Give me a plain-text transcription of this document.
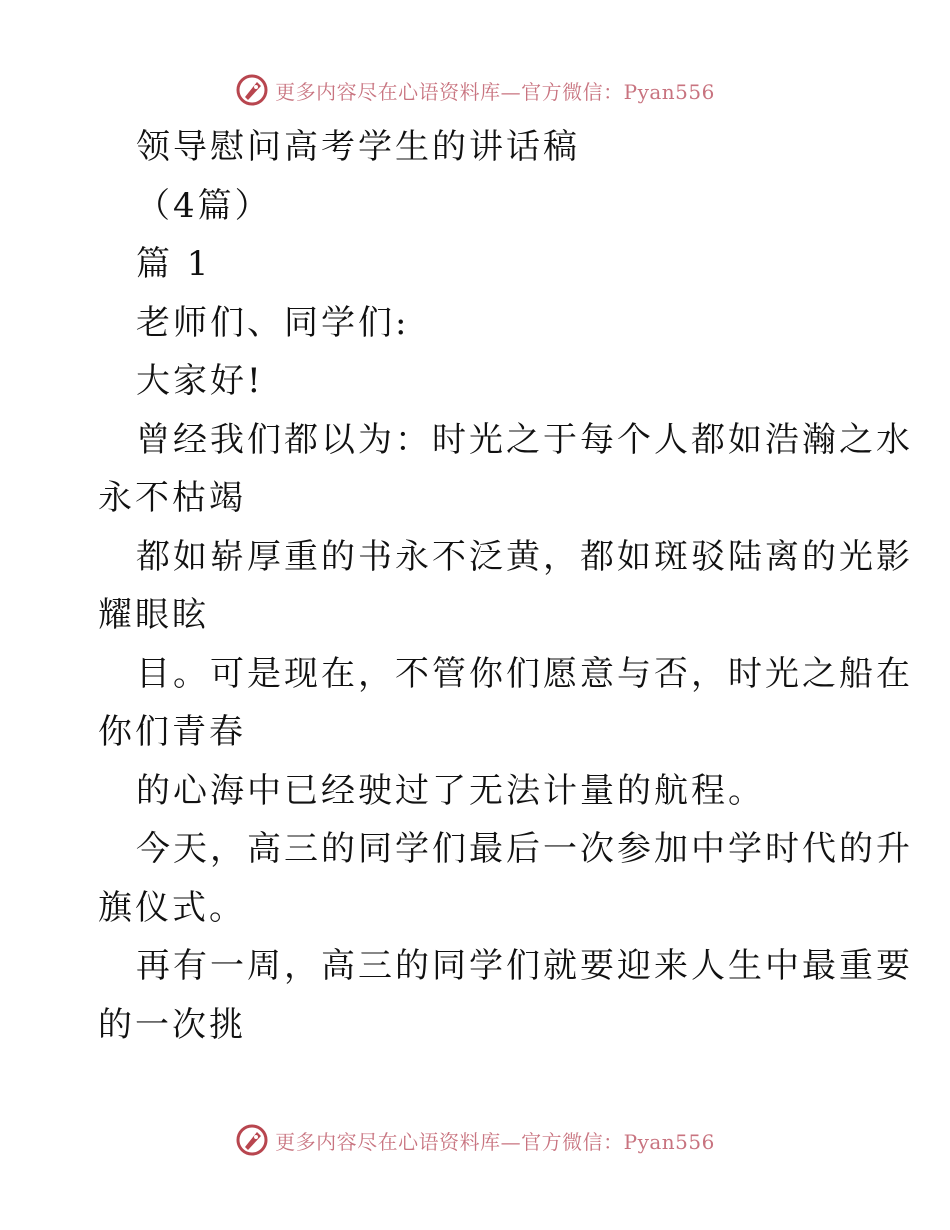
更多内容尽在心语资料库—官方微信：Pyan556
领导慰问高考学生的讲话稿
（4篇）
篇 1
老师们、同学们:
大家好!
曾经我们都以为：时光之于每个人都如浩瀚之水
永不枯竭
都如崭厚重的书永不泛黄，都如斑驳陆离的光影
耀眼眩
目。可是现在，不管你们愿意与否，时光之船在
你们青春
的心海中已经驶过了无法计量的航程。
今天，高三的同学们最后一次参加中学时代的升
旗仪式。
再有一周，高三的同学们就要迎来人生中最重要
的一次挑
更多内容尽在心语资料库—官方微信：Pyan556
